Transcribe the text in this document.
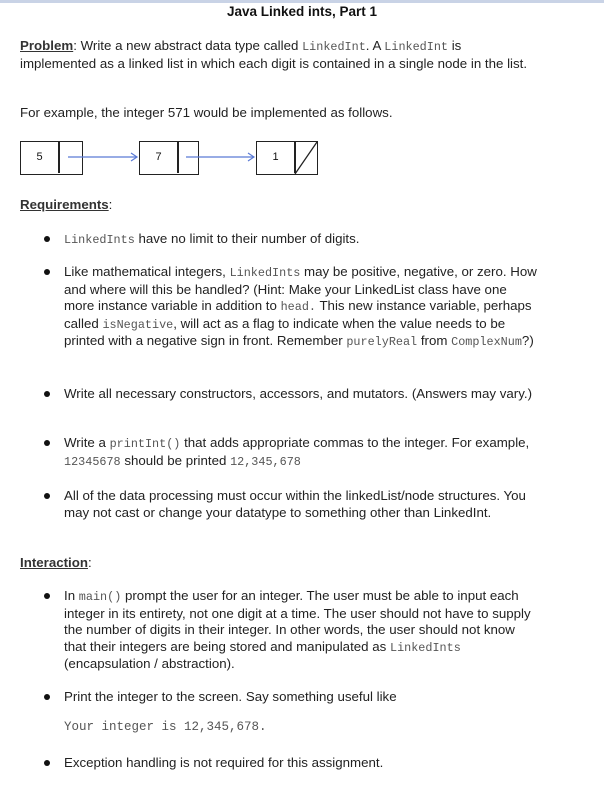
Java Linked ints, Part 1
Problem: Write a new abstract data type called LinkedInt. A LinkedInt is implemented as a linked list in which each digit is contained in a single node in the list.
For example, the integer 571 would be implemented as follows.
5	7	1
Requirements:
LinkedInts have no limit to their number of digits.
Like mathematical integers, LinkedInts may be positive, negative, or zero. How and where will this be handled? (Hint: Make your LinkedList class have one more instance variable in addition to head. This new instance variable, perhaps called isNegative, will act as a flag to indicate when the value needs to be printed with a negative sign in front. Remember purelyReal from ComplexNum?)
Write all necessary constructors, accessors, and mutators. (Answers may vary.)
Write a printInt() that adds appropriate commas to the integer. For example, 12345678 should be printed 12,345,678
All of the data processing must occur within the linkedList/node structures. You may not cast or change your datatype to something other than LinkedInt.
Interaction:
In main() prompt the user for an integer. The user must be able to input each integer in its entirety, not one digit at a time. The user should not have to supply the number of digits in their integer. In other words, the user should not know that their integers are being stored and manipulated as LinkedInts (encapsulation / abstraction).
Print the integer to the screen. Say something useful like
Exception handling is not required for this assignment.
Your integer is 12,345,678.
